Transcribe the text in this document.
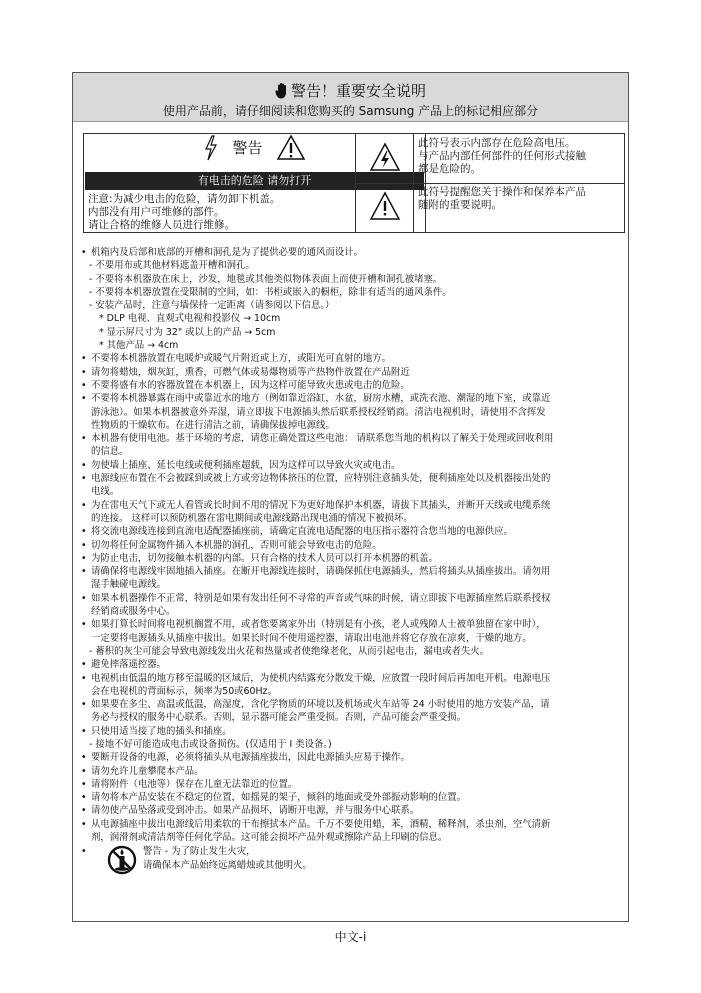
警告！重要安全说明
使用产品前，请仔细阅读和您购买的 Samsung 产品上的标记相应部分
警告
有电击的危险 请勿打开
注意:为减少电击的危险，请勿卸下机盖。
内部没有用户可维修的部件。
请让合格的维修人员进行维修。
此符号表示内部存在危险高电压。
与产品内部任何部件的任何形式接触
都是危险的。
此符号提醒您关于操作和保养本产品
随附的重要说明。
• 机箱内及后部和底部的开槽和洞孔是为了提供必要的通风而设计。
- 不要用布或其他材料遮盖开槽和洞孔。
- 不要将本机器放在床上，沙发，地毯或其他类似物体表面上而使开槽和洞孔被堵塞。
- 不要将本机器放置在受限制的空间，如：书柜或嵌入的橱柜，除非有适当的通风条件。
- 安装产品时，注意与墙保持一定距离（请参阅以下信息。）
* DLP 电视、直观式电视和投影仪 → 10cm
* 显示屏尺寸为 32" 或以上的产品 → 5cm
* 其他产品 → 4cm
• 不要将本机器放置在电暖炉或暖气片附近或上方，或阳光可直射的地方。
• 请勿将蜡烛，烟灰缸，熏香，可燃气体或易爆物质等产热物件放置在产品附近
• 不要将盛有水的容器放置在本机器上，因为这样可能导致火患或电击的危险。
• 不要将本机器暴露在雨中或靠近水的地方（例如靠近浴缸，水盆，厨房水槽，或洗衣池、潮湿的地下室，或靠近
游泳池）。如果本机器被意外弄湿，请立即拔下电源插头然后联系授权经销商。清洁电视机时，请使用不含挥发
性物质的干燥软布。在进行清洁之前，请确保拔掉电源线。
• 本机器有使用电池。基于环境的考虑，请您正确处置这些电池： 请联系您当地的机构以了解关于处理或回收利用
的信息。
• 勿使墙上插座、延长电线或便利插座超载，因为这样可以导致火灾或电击。
• 电源线应布置在不会被踩到或被上方或旁边物体挤压的位置，应特别注意插头处，便利插座处以及机器接出处的
电线。
• 为在雷电天气下或无人看管或长时间不用的情况下为更好地保护本机器，请拔下其插头，并断开天线或电缆系统
的连接。 这样可以预防机器在雷电期间或电源线路出现电涌的情况下被损坏。
• 将交流电源线连接到直流电适配器插座前，请确定直流电适配器的电压指示器符合您当地的电源供应。
• 切勿将任何金属物件插入本机器的洞孔，否则可能会导致电击的危险。
• 为防止电击，切勿接触本机器的内部。只有合格的技术人员可以打开本机器的机盖。
• 请确保将电源线牢固地插入插座。在断开电源线连接时，请确保抓住电源插头，然后将插头从插座拔出。请勿用
湿手触碰电源线。
• 如果本机器操作不正常，特别是如果有发出任何不寻常的声音或气味的时候，请立即拔下电源插座然后联系授权
经销商或服务中心。
• 如果打算长时间将电视机搁置不用，或者您要离家外出（特别是有小孩，老人或残障人士被单独留在家中时），
一定要将电源插头从插座中拔出。如果长时间不使用遥控器，请取出电池并将它存放在凉爽，干燥的地方。
- 蓄积的灰尘可能会导致电源线发出火花和热量或者使绝缘老化，从而引起电击，漏电或者失火。
• 避免摔落遥控器。
• 电视机由低温的地方移至温暖的区域后，为使机内结露充分散发干燥，应放置一段时间后再加电开机。电源电压
会在电视机的背面标示，频率为50或60Hz。
• 如果要在多尘、高温或低温，高湿度，含化学物质的环境以及机场或火车站等 24 小时使用的地方安装产品，请
务必与授权的服务中心联系。否则，显示器可能会严重受损。否则，产品可能会严重受损。
• 只使用适当接了地的插头和插座。
- 接地不好可能造成电击或设备损伤。(仅适用于 Ⅰ 类设备。)
• 要断开设备的电源，必须将插头从电源插座拔出，因此电源插头应易于操作。
• 请勿允许儿童攀爬本产品。
• 请将附件（电池等）保存在儿童无法靠近的位置。
• 请勿将本产品安装在不稳定的位置，如摇晃的架子，倾斜的地面或受外部振动影响的位置。
• 请勿使产品坠落或受到冲击。如果产品损坏，请断开电源，并与服务中心联系。
• 从电源插座中拔出电源线后用柔软的干布擦拭本产品。千万不要使用蜡，苯，酒精，稀释剂，杀虫剂，空气清新
剂，润滑剂或清洁剂等任何化学品。这可能会损坏产品外观或擦除产品上印刷的信息。
•	警告 - 为了防止发生火灾，
请确保本产品始终远离蜡烛或其他明火。
中文-i
